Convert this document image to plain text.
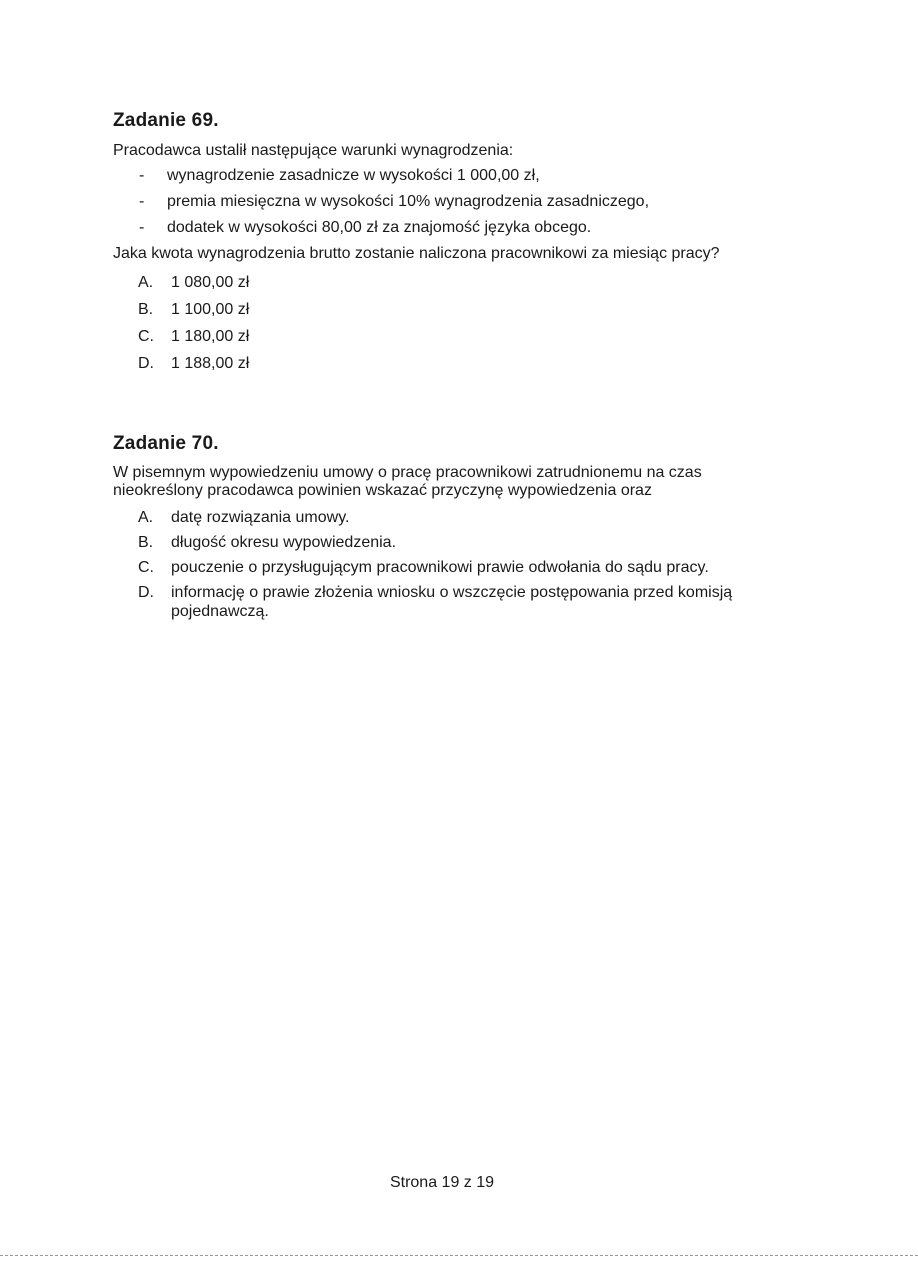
Zadanie 69.

Pracodawca ustalił następujące warunki wynagrodzenia:

- wynagrodzenie zasadnicze w wysokości 1 000,00 zł,
- premia miesięczna w wysokości 10% wynagrodzenia zasadniczego,
- dodatek w wysokości 80,00 zł za znajomość języka obcego.

Jaka kwota wynagrodzenia brutto zostanie naliczona pracownikowi za miesiąc pracy?

A. 1 080,00 zł
B. 1 100,00 zł
C. 1 180,00 zł
D. 1 188,00 zł
Zadanie 70.

W pisemnym wypowiedzeniu umowy o pracę pracownikowi zatrudnionemu na czas nieokreślony pracodawca powinien wskazać przyczynę wypowiedzenia oraz

A. datę rozwiązania umowy.
B. długość okresu wypowiedzenia.
C. pouczenie o przysługującym pracownikowi prawie odwołania do sądu pracy.
D. informację o prawie złożenia wniosku o wszczęcie postępowania przed komisją pojednawczą.
Strona 19 z 19
